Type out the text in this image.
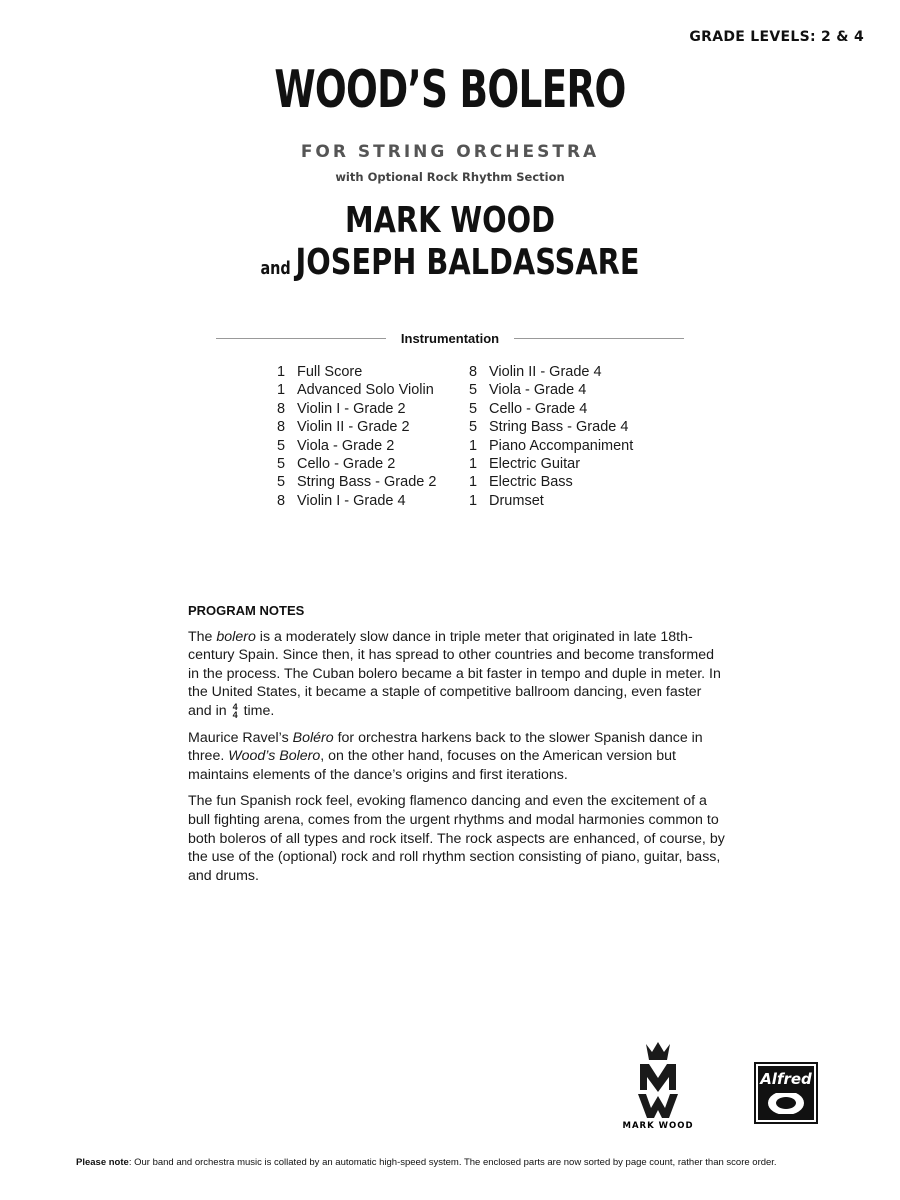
GRADE LEVELS: 2 & 4
WOOD’S BOLERO
FOR STRING ORCHESTRA
with Optional Rock Rhythm Section
MARK WOOD
and JOSEPH BALDASSARE
Instrumentation
1 Full Score
1 Advanced Solo Violin
8 Violin I - Grade 2
8 Violin II - Grade 2
5 Viola - Grade 2
5 Cello - Grade 2
5 String Bass - Grade 2
8 Violin I - Grade 4
8 Violin II - Grade 4
5 Viola - Grade 4
5 Cello - Grade 4
5 String Bass - Grade 4
1 Piano Accompaniment
1 Electric Guitar
1 Electric Bass
1 Drumset
PROGRAM NOTES

The bolero is a moderately slow dance in triple meter that originated in late 18th-century Spain. Since then, it has spread to other countries and become transformed in the process. The Cuban bolero became a bit faster in tempo and duple in meter. In the United States, it became a staple of competitive ballroom dancing, even faster and in 4
4 time.

Maurice Ravel’s Boléro for orchestra harkens back to the slower Spanish dance in three. Wood’s Bolero, on the other hand, focuses on the American version but maintains elements of the dance’s origins and first iterations.

The fun Spanish rock feel, evoking flamenco dancing and even the excitement of a bull fighting arena, comes from the urgent rhythms and modal harmonies common to both boleros of all types and rock itself. The rock aspects are enhanced, of course, by the use of the (optional) rock and roll rhythm section consisting of piano, guitar, bass, and drums.

MARK WOOD
Alfred
Please note: Our band and orchestra music is collated by an automatic high-speed system. The enclosed parts are now sorted by page count, rather than score order.
